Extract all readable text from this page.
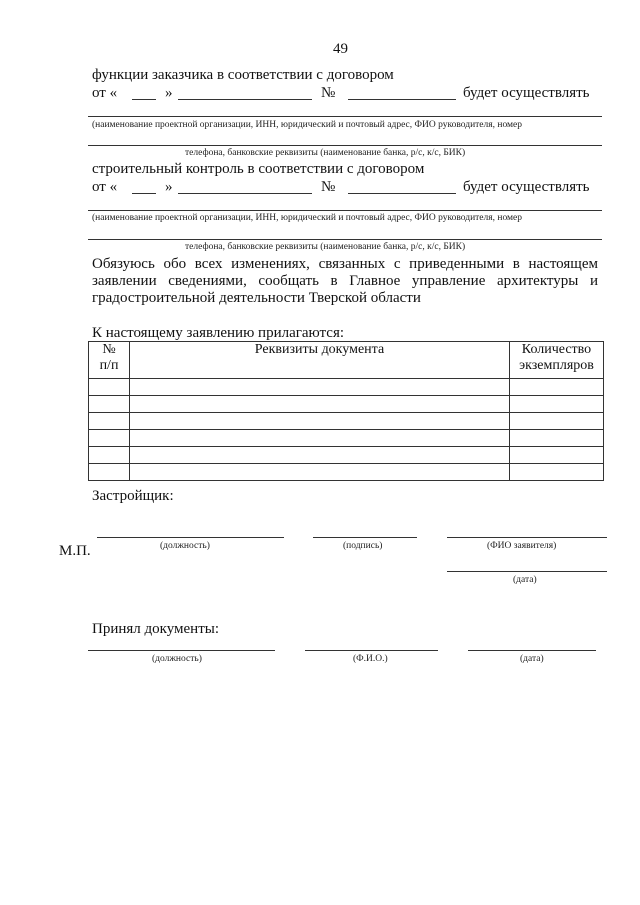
49
функции заказчика в соответствии с договором
от «	»	№	будет осуществлять
(наименование проектной организации, ИНН, юридический и почтовый адрес, ФИО руководителя, номер
телефона, банковские реквизиты (наименование банка, р/с, к/с, БИК)
строительный контроль в соответствии с договором
от «	»	№	будет осуществлять
(наименование проектной организации, ИНН, юридический и почтовый адрес, ФИО руководителя, номер
телефона, банковские реквизиты (наименование банка, р/с, к/с, БИК)
Обязуюсь обо всех изменениях, связанных с приведенными в настоящем заявлении сведениями, сообщать в Главное управление архитектуры и градостроительной деятельности Тверской области
К настоящему заявлению прилагаются:
№ п/п	Реквизиты документа	Количество экземпляров

Застройщик:
М.П.	(должность)	(подпись)	(ФИО заявителя)
(дата)
Принял документы:
(должность)	(Ф.И.О.)	(дата)
